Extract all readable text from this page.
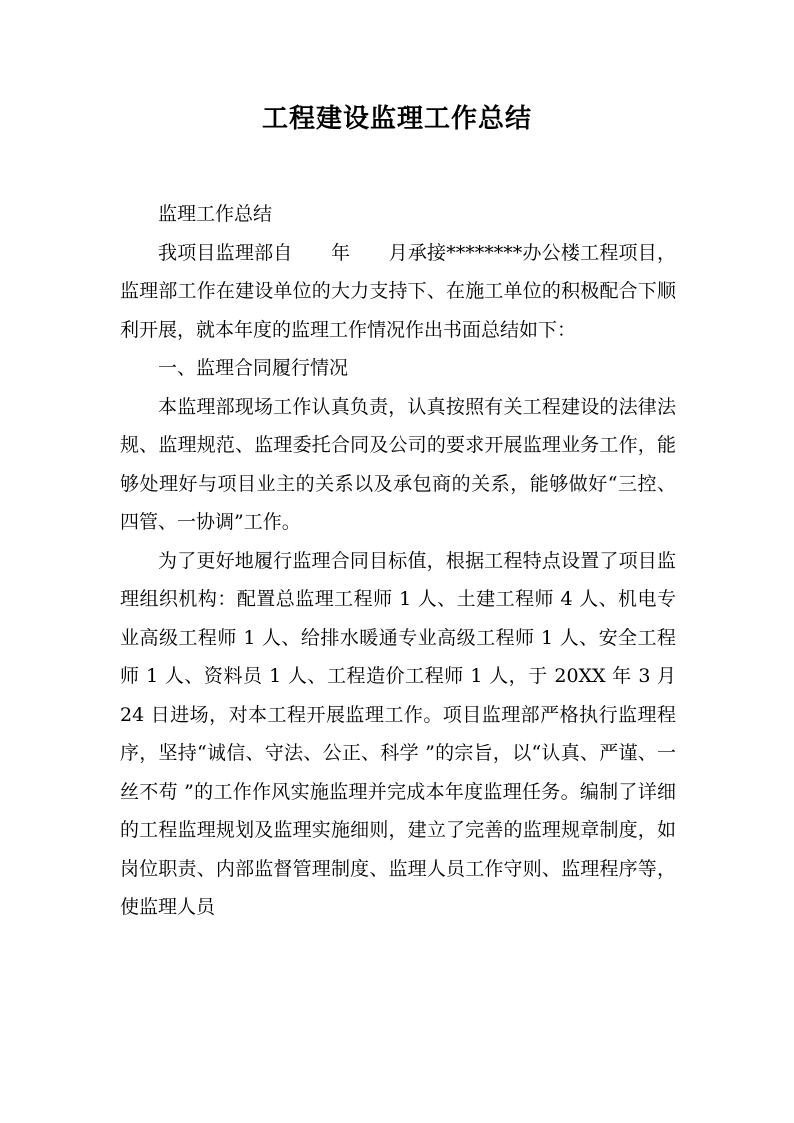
工程建设监理工作总结

监理工作总结

我项目监理部自　　年　　月承接********办公楼工程项目，监理部工作在建设单位的大力支持下、在施工单位的积极配合下顺利开展，就本年度的监理工作情况作出书面总结如下：

一、监理合同履行情况

本监理部现场工作认真负责，认真按照有关工程建设的法律法规、监理规范、监理委托合同及公司的要求开展监理业务工作，能够处理好与项目业主的关系以及承包商的关系，能够做好“三控、四管、一协调”工作。

为了更好地履行监理合同目标值，根据工程特点设置了项目监理组织机构：配置总监理工程师 1 人、土建工程师 4 人、机电专业高级工程师 1 人、给排水暖通专业高级工程师 1 人、安全工程师 1 人、资料员 1 人、工程造价工程师 1 人，于 20XX 年 3 月 24 日进场，对本工程开展监理工作。项目监理部严格执行监理程序，坚持“诚信、守法、公正、科学 ”的宗旨，以“认真、严谨、一丝不苟 ”的工作作风实施监理并完成本年度监理任务。编制了详细的工程监理规划及监理实施细则，建立了完善的监理规章制度，如岗位职责、内部监督管理制度、监理人员工作守则、监理程序等，使监理人员
